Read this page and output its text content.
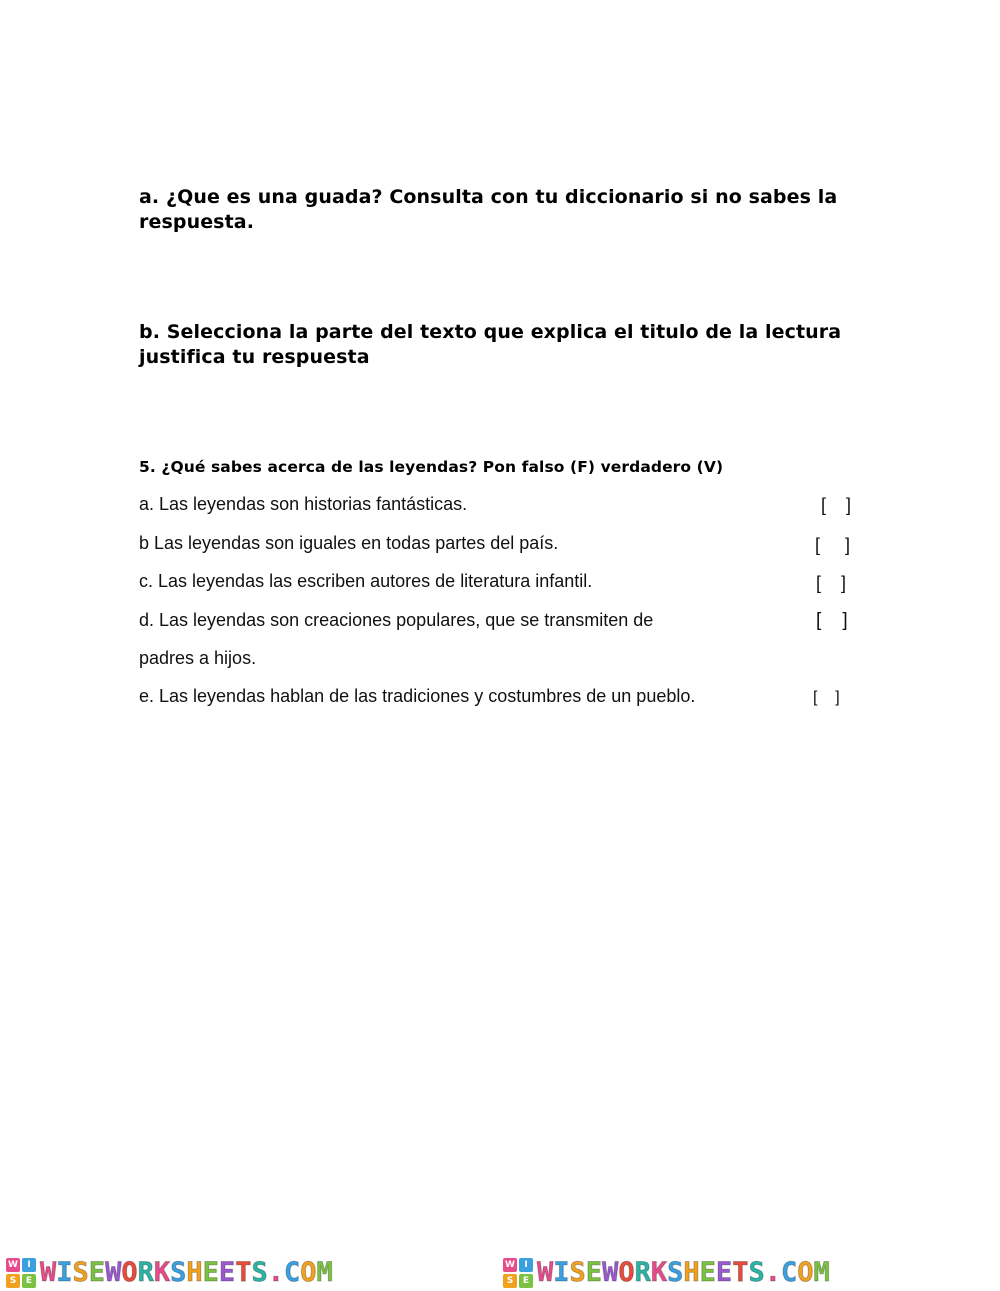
a. ¿Que es una guada? Consulta con tu diccionario si no sabes la respuesta.
b. Selecciona la parte del texto que explica el titulo de la lectura justifica tu respuesta
5. ¿Qué sabes acerca de las leyendas? Pon falso (F) verdadero (V)
a. Las leyendas son historias fantásticas.	[    ]
b Las leyendas son iguales en todas partes del país.	[     ]
c. Las leyendas las escriben autores de literatura infantil.	[    ]
d. Las leyendas son creaciones populares, que se transmiten de	[    ]
padres a hijos.
e. Las leyendas hablan de las tradiciones y costumbres de un pueblo.	[    ]
W	I
S	E WISEWORKSHEETS.COM	W	I
S	E WISEWORKSHEETS.COM
